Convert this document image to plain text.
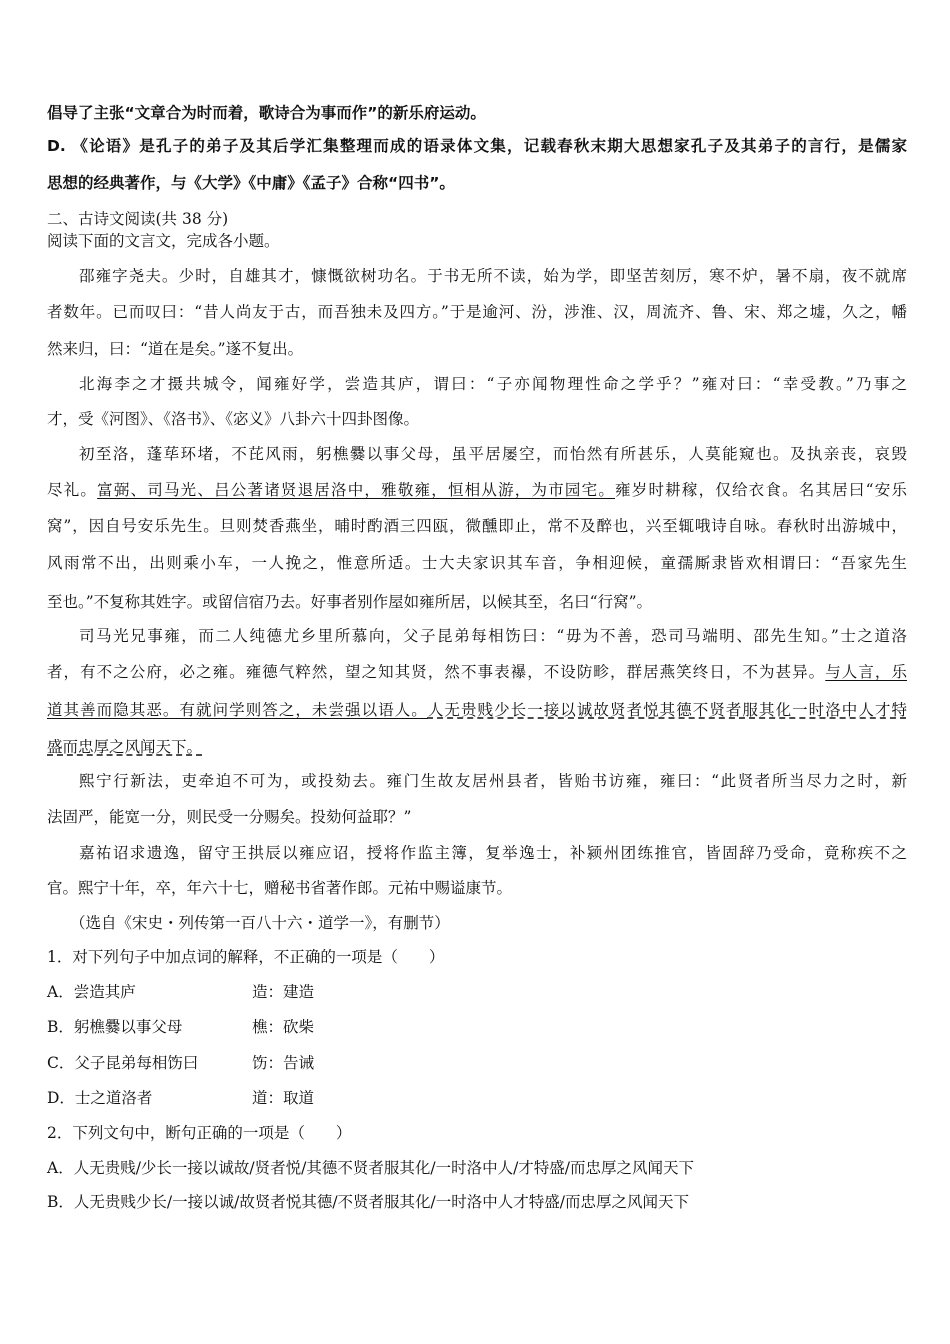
倡导了主张“文章合为时而着，歌诗合为事而作”的新乐府运动。
D. 《论语》是孔子的弟子及其后学汇集整理而成的语录体文集，记载春秋末期大思想家孔子及其弟子的言行，是儒家
思想的经典著作，与《大学》《中庸》《孟子》合称“四书”。
二、古诗文阅读(共 38 分)
阅读下面的文言文，完成各小题。
邵雍字尧夫。少时，自雄其才，慷慨欲树功名。于书无所不读，始为学，即坚苦刻厉，寒不炉，暑不扇，夜不就席
者数年。已而叹曰：“昔人尚友于古，而吾独未及四方。”于是逾河、汾，涉淮、汉，周流齐、鲁、宋、郑之墟，久之，幡
然来归，曰：“道在是矣。”遂不复出。
北海李之才摄共城令，闻雍好学，尝造其庐，谓曰：“子亦闻物理性命之学乎？”雍对曰：“幸受教。”乃事之
才，受《河图》、《洛书》、《宓义》八卦六十四卦图像。
初至洛，蓬荜环堵，不芘风雨，躬樵爨以事父母，虽平居屡空，而怡然有所甚乐，人莫能窥也。及执亲丧，哀毁
尽礼。富弼、司马光、吕公著诸贤退居洛中，雅敬雍，恒相从游，为市园宅。雍岁时耕稼，仅给衣食。名其居曰“安乐
窝”，因自号安乐先生。旦则焚香燕坐，晡时酌酒三四瓯，微醺即止，常不及醉也，兴至辄哦诗自咏。春秋时出游城中，
风雨常不出，出则乘小车，一人挽之，惟意所适。士大夫家识其车音，争相迎候，童孺厮隶皆欢相谓曰：“吾家先生
至也。”不复称其姓字。或留信宿乃去。好事者别作屋如雍所居，以候其至，名曰“行窝”。
司马光兄事雍，而二人纯德尤乡里所慕向，父子昆弟每相饬曰：“毋为不善，恐司马端明、邵先生知。”士之道洛
者，有不之公府，必之雍。雍德气粹然，望之知其贤，然不事表襮，不设防畛，群居燕笑终日，不为甚异。与人言，乐
道其善而隐其恶。有就问学则答之，未尝强以语人。人无贵贱少长一接以诚故贤者悦其德不贤者服其化一时洛中人才特
盛而忠厚之风闻天下。
熙宁行新法，吏牵迫不可为，或投劾去。雍门生故友居州县者，皆贻书访雍，雍曰：“此贤者所当尽力之时，新
法固严，能宽一分，则民受一分赐矣。投劾何益耶？”
嘉祐诏求遗逸，留守王拱辰以雍应诏，授将作监主簿，复举逸士，补颍州团练推官，皆固辞乃受命，竟称疾不之
官。熙宁十年，卒，年六十七，赠秘书省著作郎。元祐中赐谥康节。
（选自《宋史・列传第一百八十六・道学一》，有删节）
1．对下列句子中加点词的解释，不正确的一项是（　　）
A．尝造其庐	造：建造
B．躬樵爨以事父母	樵：砍柴
C．父子昆弟每相饬曰	饬：告诫
D．士之道洛者	道：取道
2．下列文句中，断句正确的一项是（　　）
A．人无贵贱/少长一接以诚故/贤者悦/其德不贤者服其化/一时洛中人/才特盛/而忠厚之风闻天下
B．人无贵贱少长/一接以诚/故贤者悦其德/不贤者服其化/一时洛中人才特盛/而忠厚之风闻天下
